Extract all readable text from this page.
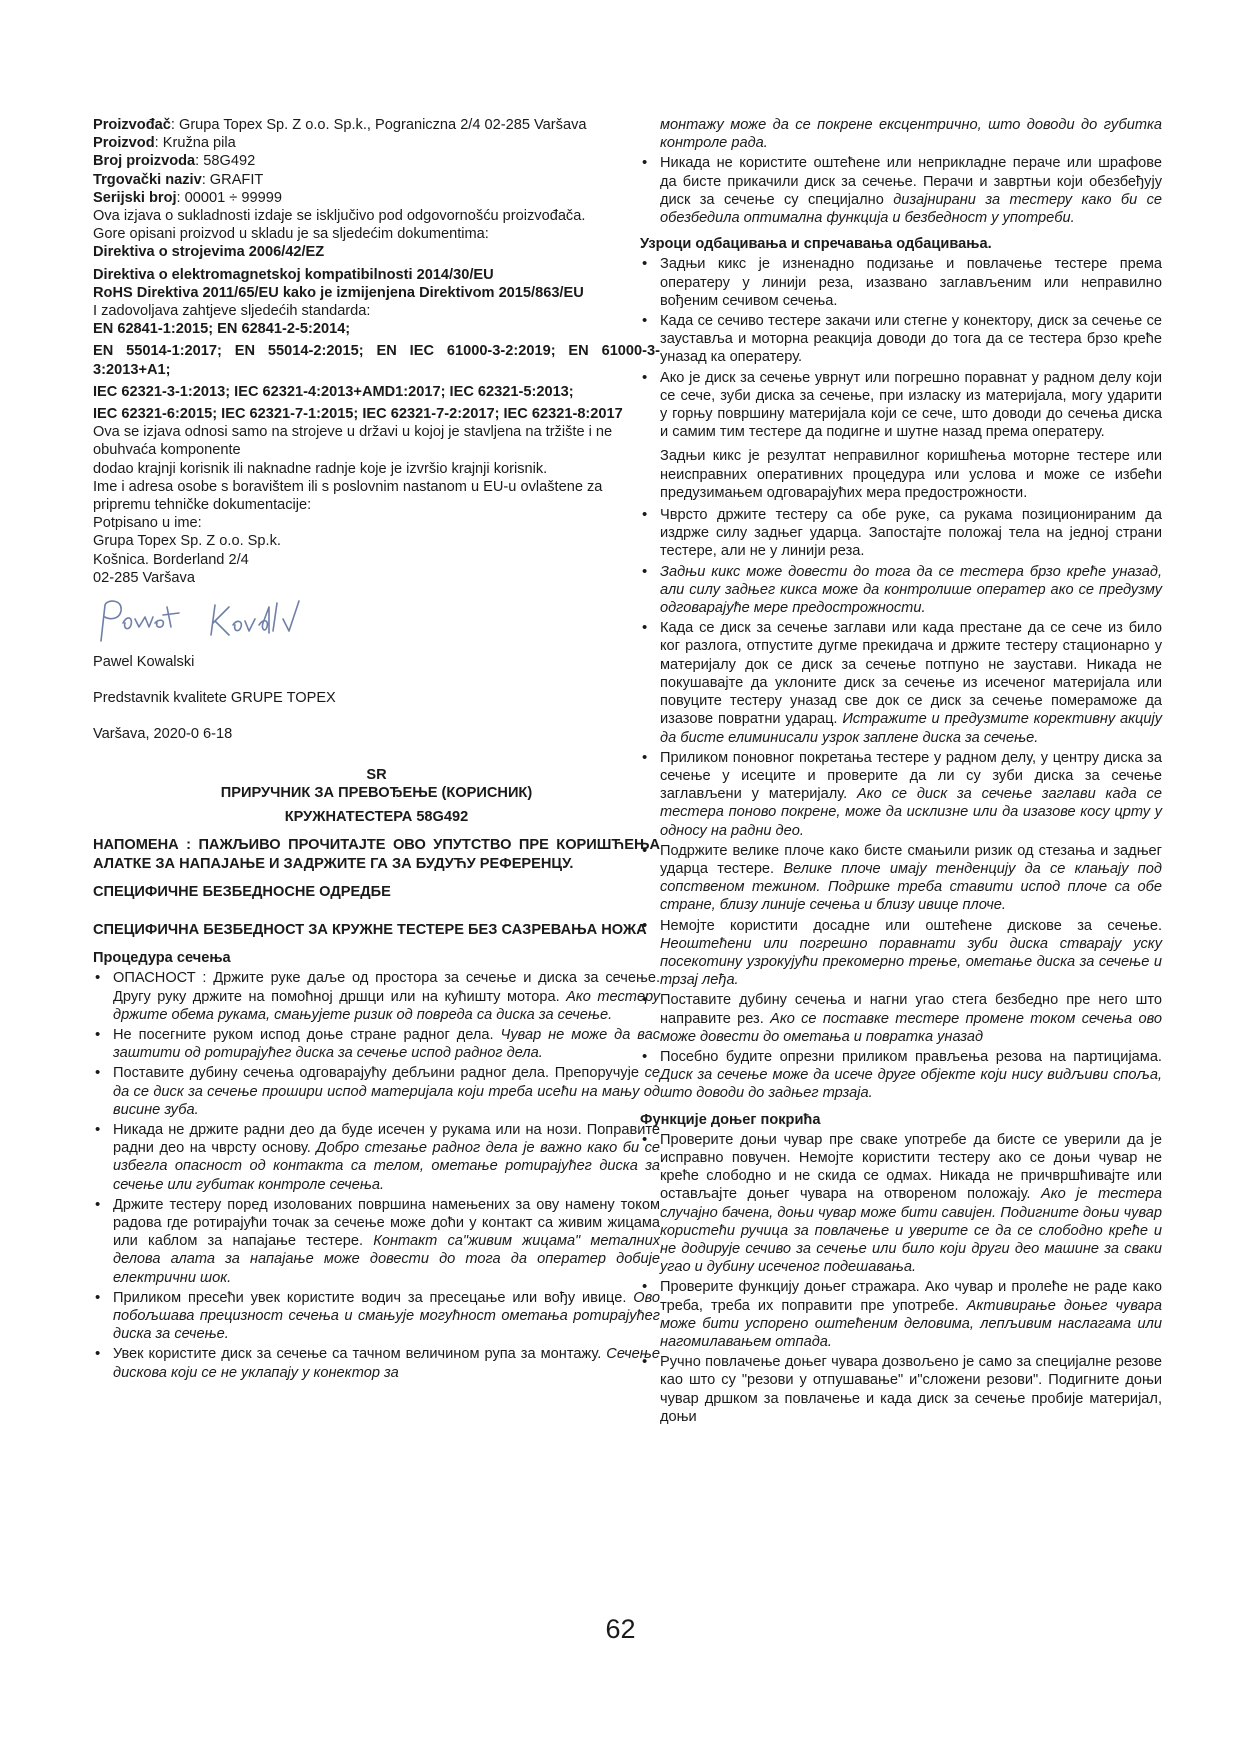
Proizvođač: Grupa Topex Sp. Z o.o. Sp.k., Pograniczna 2/4 02-285 Varšava

Proizvod: Kružna pila

Broj proizvoda: 58G492

Trgovački naziv: GRAFIT

Serijski broj: 00001 ÷ 99999

Ova izjava o sukladnosti izdaje se isključivo pod odgovornošću proizvođača.

Gore opisani proizvod u skladu je sa sljedećim dokumentima:

Direktiva o strojevima 2006/42/EZ

Direktiva o elektromagnetskoj kompatibilnosti 2014/30/EU

RoHS Direktiva 2011/65/EU kako je izmijenjena Direktivom 2015/863/EU

I zadovoljava zahtjeve sljedećih standarda:

EN 62841-1:2015; EN 62841-2-5:2014;

EN 55014-1:2017; EN 55014-2:2015; EN IEC 61000-3-2:2019; EN 61000-3-3:2013+A1;

IEC 62321-3-1:2013; IEC 62321-4:2013+AMD1:2017; IEC 62321-5:2013;

IEC 62321-6:2015; IEC 62321-7-1:2015; IEC 62321-7-2:2017; IEC 62321-8:2017

Ova se izjava odnosi samo na strojeve u državi u kojoj je stavljena na tržište i ne obuhvaća komponente

dodao krajnji korisnik ili naknadne radnje koje je izvršio krajnji korisnik.

Ime i adresa osobe s boravištem ili s poslovnim nastanom u EU-u ovlaštene za pripremu tehničke dokumentacije:

Potpisano u ime:

Grupa Topex Sp. Z o.o. Sp.k.

Košnica. Borderland 2/4

02-285 Varšava

Pawel Kowalski

Predstavnik kvalitete GRUPE TOPEX

Varšava, 2020-0 6-18

SR

ПРИРУЧНИК ЗА ПРЕВОЂЕЊЕ (КОРИСНИК)

КРУЖНАТЕСТЕРА 58G492

НАПОМЕНА : ПАЖЉИВО ПРОЧИТАЈТЕ ОВО УПУТСТВО ПРЕ КОРИШЋЕЊА АЛАТКЕ ЗА НАПАЈАЊЕ И ЗАДРЖИТЕ ГА ЗА БУДУЋУ РЕФЕРЕНЦУ.

СПЕЦИФИЧНЕ БЕЗБЕДНОСНЕ ОДРЕДБЕ

СПЕЦИФИЧНА БЕЗБЕДНОСТ ЗА КРУЖНЕ ТЕСТЕРЕ БЕЗ САЗРЕВАЊА НОЖА

Процедура сечења

• ОПАСНОСТ : Држите руке даље од простора за сечење и диска за сечење. Другу руку држите на помоћној дршци или на кућишту мотора. Ако тестеру држите обема рукама, смањујете ризик од повреда са диска за сечење.
• Не посегните руком испод доње стране радног дела. Чувар не може да вас заштити од ротирајућег диска за сечење испод радног дела.
• Поставите дубину сечења одговарајућу дебљини радног дела. Препоручује се да се диск за сечење прошири испод материјала који треба исећи на мању од висине зуба.
• Никада не држите радни део да буде исечен у рукама или на нози. Поправите радни део на чврсту основу. Добро стезање радног дела је важно како би се избегла опасност од контакта са телом, ометање ротирајућег диска за сечење или губитак контроле сечења.
• Држите тестеру поред изолованих површина намењених за ову намену током радова где ротирајући точак за сечење може доћи у контакт са живим жицама или каблом за напајање тестере. Контакт са"живим жицама" металних делова алата за напајање може довести до тога да оператер добије електрични шок.
• Приликом пресећи увек користите водич за пресецање или вођу ивице. Ово побољшава прецизност сечења и смањује могућност ометања ротирајућег диска за сечење.
• Увек користите диск за сечење са тачном величином рупа за монтажу. Сечење дискова који се не уклапају у конектор за

монтажу може да се покрене ексцентрично, што доводи до губитка контроле рада.

• Никада не користите оштећене или неприкладне пераче или шрафове да бисте прикачили диск за сечење. Перачи и завртњи који обезбеђују диск за сечење су специјално дизајнирани за тестеру како би се обезбедила оптимална функција и безбедност у употреби.

Узроци одбацивања и спречавања одбацивања.

• Задњи кикс је изненадно подизање и повлачење тестере према оператеру у линији реза, изазвано заглављеним или неправилно вођеним сечивом сечења.
• Када се сечиво тестере закачи или стегне у конектору, диск за сечење се зауставља и моторна реакција доводи до тога да се тестера брзо креће уназад ка оператеру.
• Ако је диск за сечење уврнут или погрешно поравнат у радном делу који се сече, зуби диска за сечење, при изласку из материјала, могу ударити у горњу површину материјала који се сече, што доводи до сечења диска и самим тим тестере да подигне и шутне назад према оператеру.

Задњи кикс је резултат неправилног коришћења моторне тестере или неисправних оперативних процедура или услова и може се избећи предузимањем одговарајућих мера предострожности.

• Чврсто држите тестеру са обе руке, са рукама позиционираним да издрже силу задњег ударца. Запостајте положај тела на једној страни тестере, али не у линији реза.
• Задњи кикс може довести до тога да се тестера брзо креће уназад, али силу задњег кикса може да контролише оператер ако се предузму одговарајуће мере предострожности.
• Када се диск за сечење заглави или када престане да се сече из било ког разлога, отпустите дугме прекидача и држите тестеру стационарно у материјалу док се диск за сечење потпуно не заустави. Никада не покушавајте да уклоните диск за сечење из исеченог материјала или повуците тестеру уназад све док се диск за сечење помераможе да изазове повратни ударац. Истражите и предузмите корективну акцију да бисте елиминисали узрок заплене диска за сечење.
• Приликом поновног покретања тестере у радном делу, у центру диска за сечење у исеците и проверите да ли су зуби диска за сечење заглављени у материјалу. Ако се диск за сечење заглави када се тестера поново покрене, може да исклизне или да изазове косу црту у односу на радни део.
• Подржите велике плоче како бисте смањили ризик од стезања и задњег ударца тестере. Велике плоче имају тенденцију да се клањају под сопственом тежином. Подршке треба ставити испод плоче са обе стране, близу линије сечења и близу ивице плоче.
• Немојте користити досадне или оштећене дискове за сечење. Неоштећени или погрешно поравнати зуби диска стварају уску посекотину узрокујући прекомерно трење, ометање диска за сечење и трзај леђа.
• Поставите дубину сечења и нагни угао стега безбедно пре него што направите рез. Ако се поставке тестере промене током сечења ово може довести до ометања и повратка уназад
• Посебно будите опрезни приликом прављења резова на партицијама. Диск за сечење може да исече друге објекте који нису видљиви споља, што доводи до задњег трзаја.

Функције доњег покрића

• Проверите доњи чувар пре сваке употребе да бисте се уверили да је исправно повучен. Немојте користити тестеру ако се доњи чувар не креће слободно и не скида се одмах. Никада не причвршћивајте или остављајте доњег чувара на отвореном положају. Ако је тестера случајно бачена, доњи чувар може бити савијен. Подигните доњи чувар користећи ручица за повлачење и уверите се да се слободно креће и не додирује сечиво за сечење или било који други део машине за сваки угао и дубину исеченог подешавања.
• Проверите функцију доњег стражара. Ако чувар и пролеће не раде како треба, треба их поправити пре употребе. Активирање доњег чувара може бити успорено оштећеним деловима, лепљивим наслагама или нагомилавањем отпада.
• Ручно повлачење доњег чувара дозвољено је само за специјалне резове као што су "резови у отпушавање" и"сложени резови". Подигните доњи чувар дршком за повлачење и када диск за сечење пробије материјал, доњи
62
